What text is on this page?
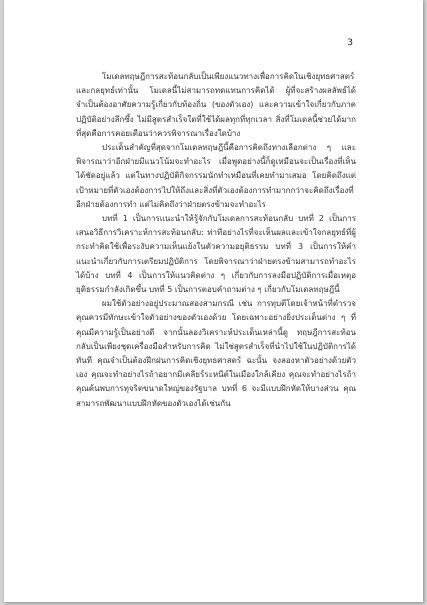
3

โมเดลทฤษฎีการสะท้อนกลับเป็นเพียงแนวทางเพื่อการคิดในเชิงยุทธศาสตร์และกลยุทธ์เท่านั้น โมเดลนี้ไม่สามารถทดแทนการคิดได้ ผู้ที่จะสร้างผลลัพธ์ได้จำเป็นต้องอาศัยความรู้เกี่ยวกับท้องถิ่น (ของตัวเอง) และความเข้าใจเกี่ยวกับภาคปฏิบัติอย่างลึกซึ้ง ไม่มีสูตรสำเร็จใดที่ใช้ได้ผลทุกที่ทุกเวลา สิ่งที่โมเดลนี้ช่วยได้มากที่สุดคือการคอยเตือนว่าควรพิจารณาเรื่องใดบ้าง

ประเด็นสำคัญที่สุดจากโมเดลทฤษฎีนี้คือการคิดถึงทางเลือกต่าง ๆ และพิจารณาว่าอีกฝ่ายมีแนวโน้มจะทำอะไร เมื่อพูดอย่างนี้ก็ดูเหมือนจะเป็นเรื่องที่เห็นได้ชัดอยู่แล้ว แต่ในทางปฏิบัติกิจกรรมนักทำเหมือนที่เคยทำมาเสมอ โดยคิดถึงแต่เป้าหมายที่ตัวเองต้องการไปให้ถึงและสิ่งที่ตัวเองต้องการทำมากกว่าจะคิดถึงเรื่องที่อีกฝ่ายต้องการทำ แต่ไม่คิดถึงว่าฝ่ายตรงข้ามจะทำอะไร

บทที่ 1 เป็นการแนะนำให้รู้จักกับโมเดลการสะท้อนกลับ บทที่ 2 เป็นการเสนอวิธีการวิเคราะห์การสะท้อนกลับ: ท่าทีอย่างไรที่จะเห็นผลและเข้าใจกลยุทธ์ที่ผู้กระทำคิดใช้เพื่อระงับความเห็นแย้งในตัวความอยุติธรรม บทที่ 3 เป็นการให้คำแนะนำเกี่ยวกับการเตรียมปฏิบัติการ โดยพิจารณาว่าฝ่ายตรงข้ามสามารถทำอะไรได้บ้าง บทที่ 4 เป็นการให้แนวคิดต่าง ๆ เกี่ยวกับการลงมือปฏิบัติการเมื่อเหตุอยุติธรรมกำลังเกิดขึ้น บทที่ 5 เป็นการตอบคำถามต่าง ๆ เกี่ยวกับโมเดลทฤษฎีนี้

ผมใช้ตัวอย่างอยู่ประมาณสองสามกรณี เช่น การทุบตีโดยเจ้าหน้าที่ตำรวจ คุณควรมีทักษะเข้าใจตัวอย่างของตัวเองด้วย โดยเฉพาะอย่างยิ่งประเด็นต่าง ๆ ที่คุณมีความรู้เป็นอย่างดี จากนั้นลองวิเคราะห์ประเด็นเหล่านี้ดู ทฤษฎีการสะท้อนกลับเป็นเพียงชุดเครื่องมือสำหรับการคิด ไม่ใช่สูตรสำเร็จที่นำไปใช้ในปฏิบัติการได้ทันที คุณจำเป็นต้องฝึกฝนการคิดเชิงยุทธศาสตร์ ฉะนั้น จงลองหาตัวอย่างด้วยตัวเอง คุณจะทำอย่างไรถ้าอยากมีเคลียร์ระหนีต์ในเมืองใกล้เคียง คุณจะทำอย่างไรถ้าคุณค้นพบการทุจริตขนาดใหญ่ของรัฐบาล บทที่ 6 จะมีแบบฝึกหัดให้บางส่วน คุณสามารถพัฒนาแบบฝึกหัดของตัวเองได้เช่นกัน
